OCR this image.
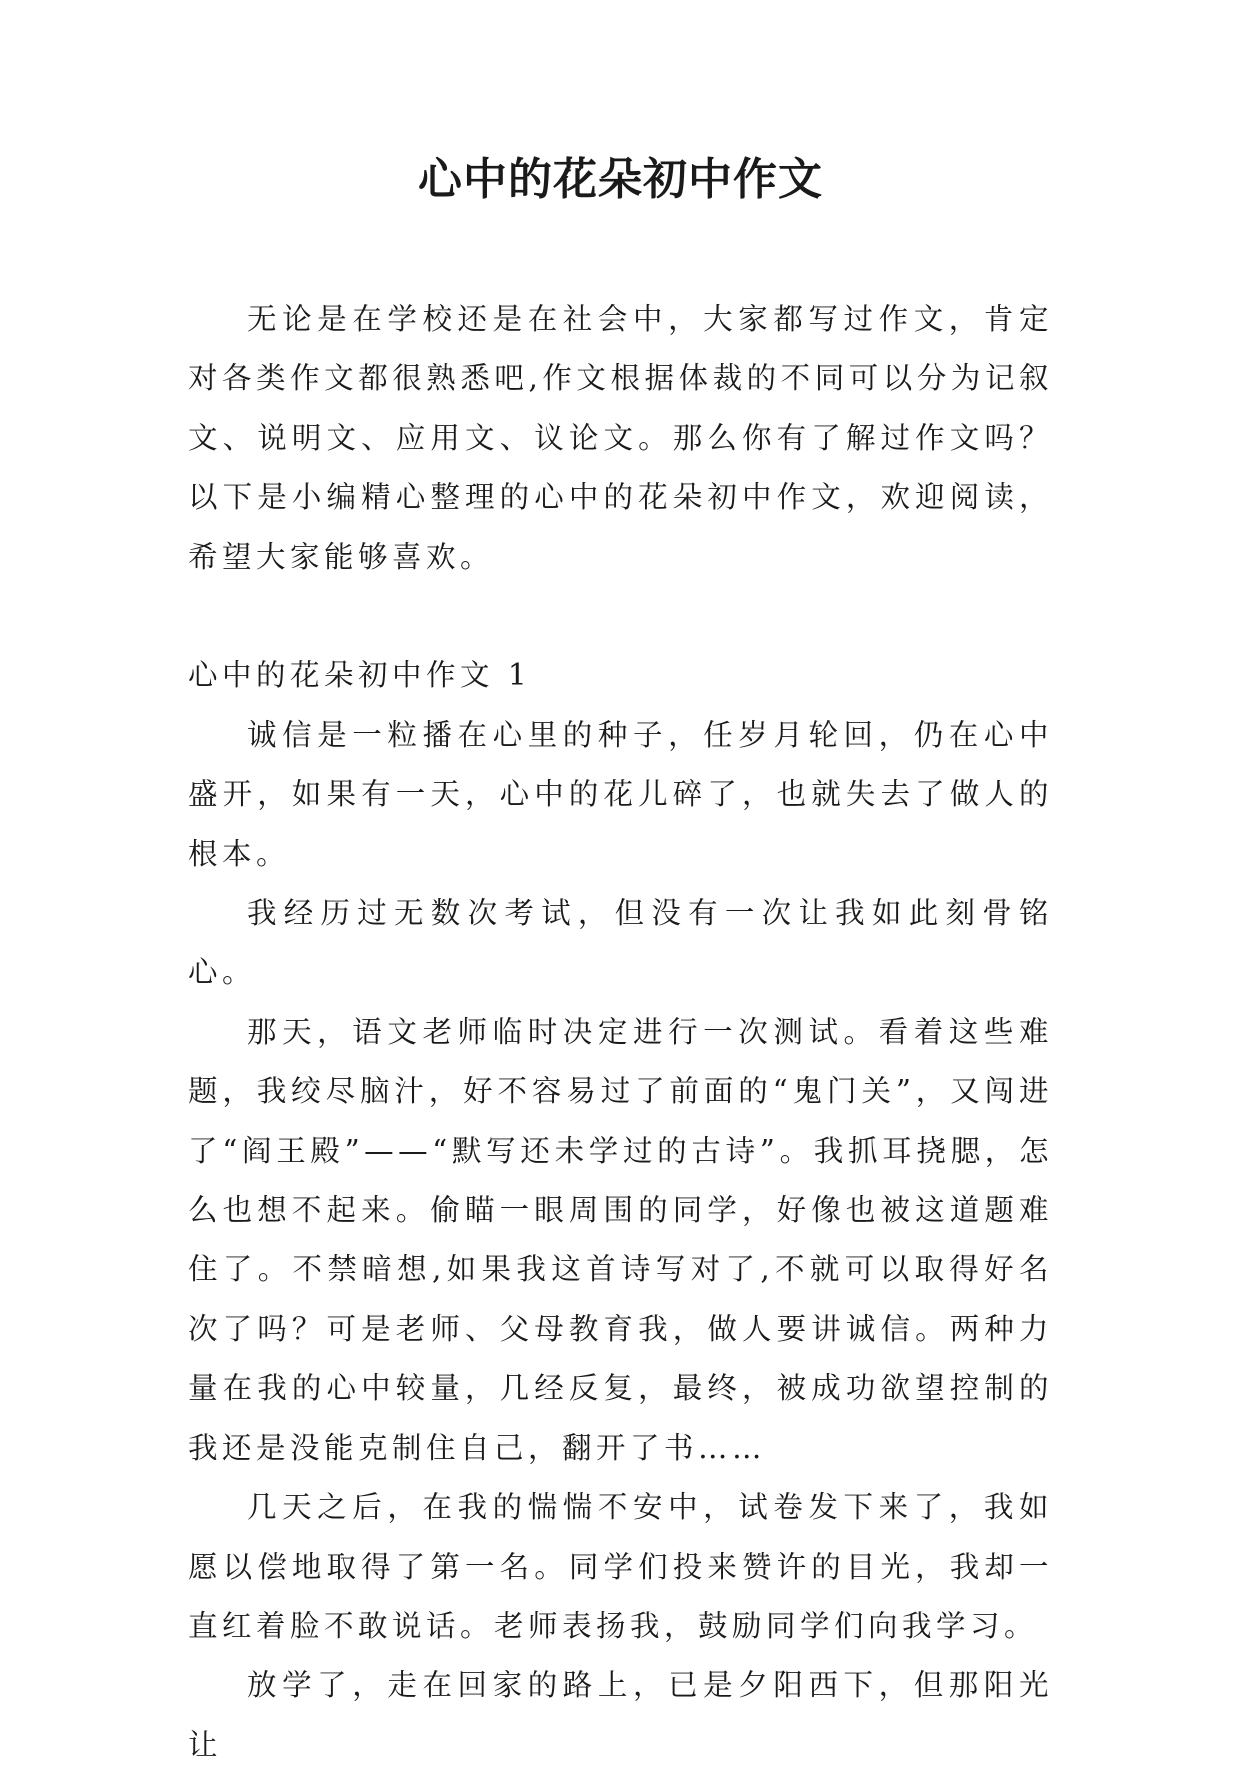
心中的花朵初中作文

无论是在学校还是在社会中，大家都写过作文，肯定对各类作文都很熟悉吧,作文根据体裁的不同可以分为记叙文、说明文、应用文、议论文。那么你有了解过作文吗？以下是小编精心整理的心中的花朵初中作文，欢迎阅读，希望大家能够喜欢。

心中的花朵初中作文 1

诚信是一粒播在心里的种子，任岁月轮回，仍在心中盛开，如果有一天，心中的花儿碎了，也就失去了做人的根本。

我经历过无数次考试，但没有一次让我如此刻骨铭心。

那天，语文老师临时决定进行一次测试。看着这些难题，我绞尽脑汁，好不容易过了前面的“鬼门关”，又闯进了“阎王殿”——“默写还未学过的古诗”。我抓耳挠腮，怎么也想不起来。偷瞄一眼周围的同学，好像也被这道题难住了。不禁暗想,如果我这首诗写对了,不就可以取得好名次了吗？可是老师、父母教育我，做人要讲诚信。两种力量在我的心中较量，几经反复，最终，被成功欲望控制的我还是没能克制住自己，翻开了书……

几天之后，在我的惴惴不安中，试卷发下来了，我如愿以偿地取得了第一名。同学们投来赞许的目光，我却一直红着脸不敢说话。老师表扬我，鼓励同学们向我学习。

放学了，走在回家的路上，已是夕阳西下，但那阳光让
